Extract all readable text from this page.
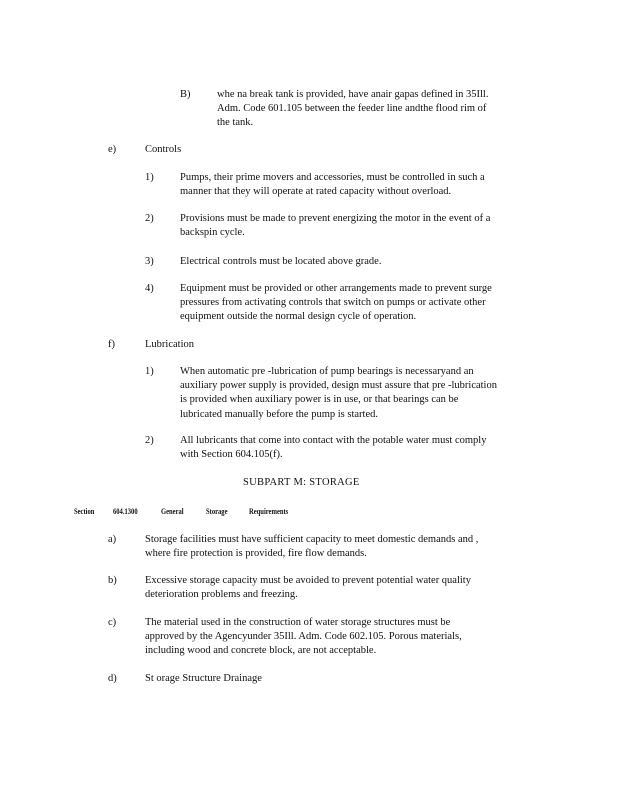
B)	whe na break tank is provided, have anair gapas defined in 35Ill.
Adm. Code 601.105 between the feeder line andthe flood rim of
the tank.
e)	Controls
1)	Pumps, their prime movers and accessories, must be controlled in such a
manner that they will operate at rated capacity without overload.
2)	Provisions must be made to prevent energizing the motor in the event of a
backspin cycle.
3)	Electrical controls must be located above grade.
4)	Equipment must be provided or other arrangements made to prevent surge
pressures from activating controls that switch on pumps or activate other
equipment outside the normal design cycle of operation.
f)	Lubrication
1)	When automatic pre -lubrication of pump bearings is necessaryand an
auxiliary power supply is provided, design must assure that pre -lubrication
is provided when auxiliary power is in use, or that bearings can be
lubricated manually before the pump is started.
2)	All lubricants that come into contact with the potable water must comply
with Section 604.105(f).
SUBPART M: STORAGE
Section 604.1300	General	Storage	Requirements
a)	Storage facilities must have sufficient capacity to meet domestic demands and ,
where fire protection is provided, fire flow demands.
b)	Excessive storage capacity must be avoided to prevent potential water quality
deterioration problems and freezing.
c)	The material used in the construction of water storage structures must be
approved by the Agencyunder 35Ill. Adm. Code 602.105. Porous materials,
including wood and concrete block, are not acceptable.
d)	St orage Structure Drainage
